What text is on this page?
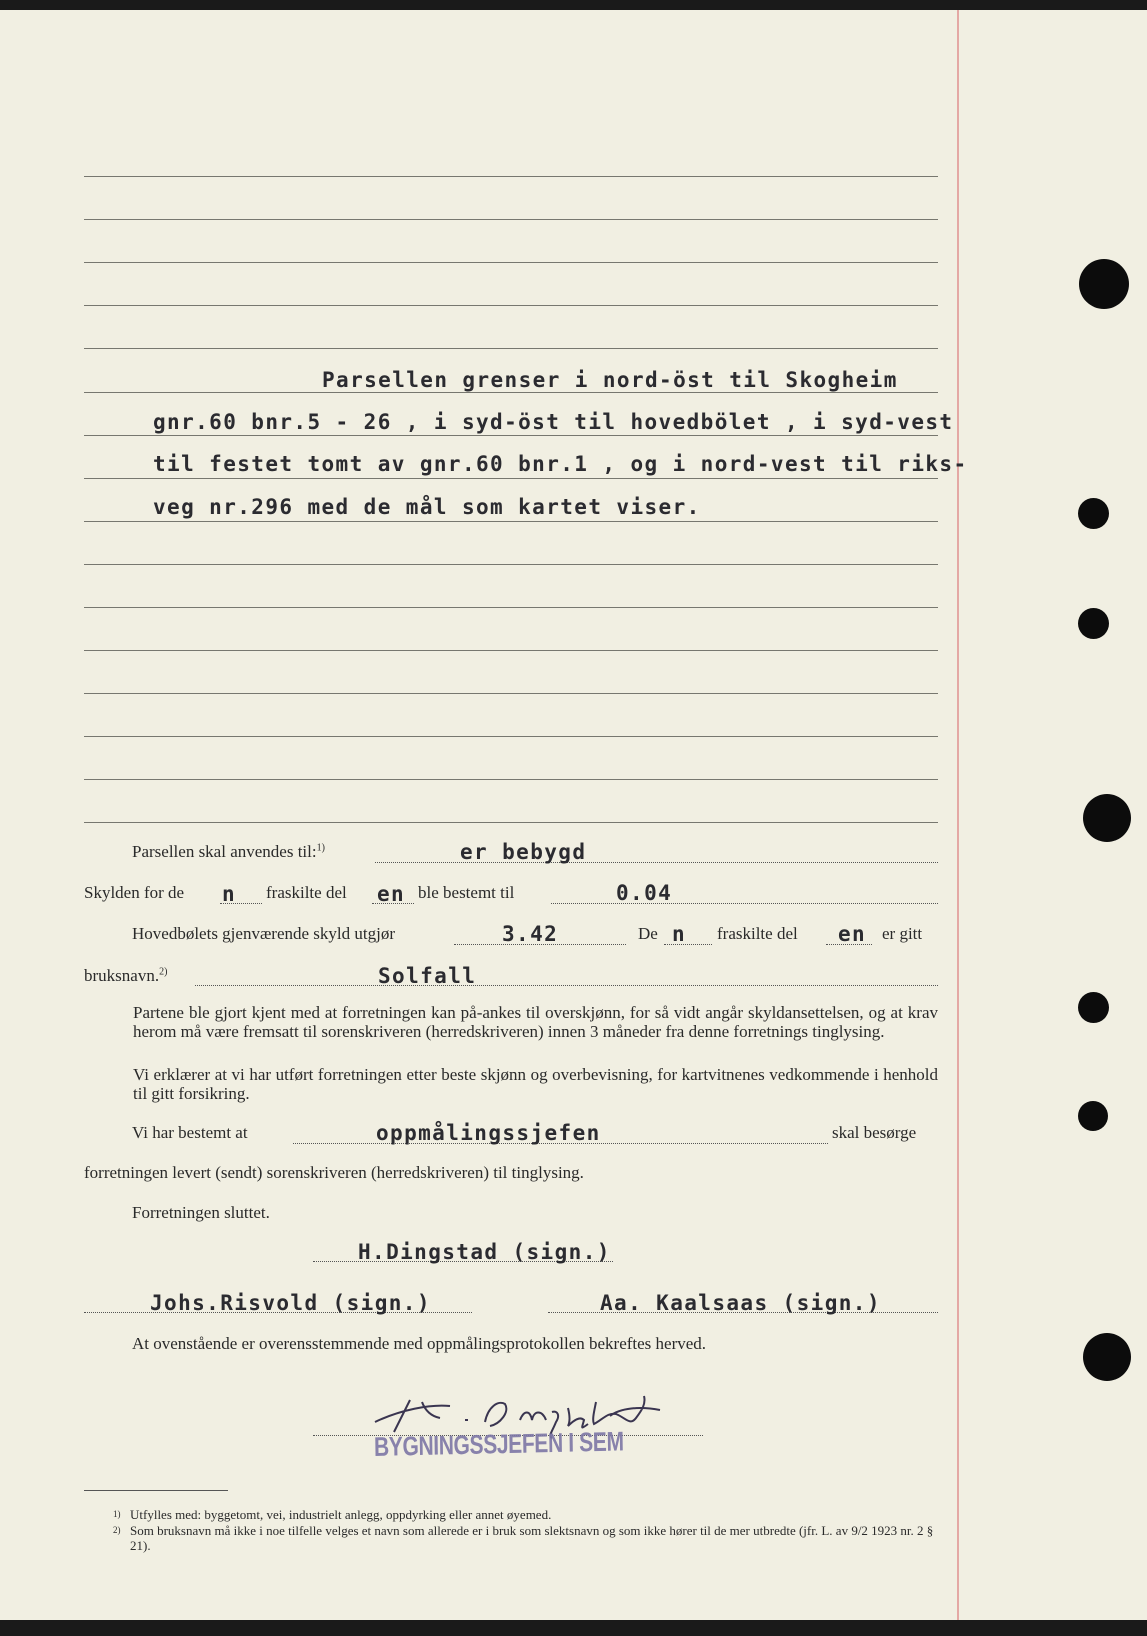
Parsellen grenser i nord-öst til Skogheim
gnr.60 bnr.5 - 26 , i syd-öst til hovedbölet , i syd-vest
til festet tomt av gnr.60 bnr.1 , og i nord-vest til riks-
veg nr.296 med de mål som kartet viser.
Parsellen skal anvendes til:$^{1)}$	er bebygd
Skylden for de n fraskilte del en ble bestemt til	0.04
Hovedbølets gjenværende skyld utgjør	3.42	De n fraskilte del en er gitt
bruksnavn.$^{2)}$	Solfall
Partene ble gjort kjent med at forretningen kan på-ankes til overskjønn, for så vidt angår skyldansettelsen, og at krav herom må være fremsatt til sorenskriveren (herredskriveren) innen 3 måneder fra denne forretnings tinglysing.
Vi erklærer at vi har utført forretningen etter beste skjønn og overbevisning, for kartvitnenes vedkommende i henhold til gitt forsikring.
Vi har bestemt at	oppmålingssjefen	skal besørge
forretningen levert (sendt) sorenskriveren (herredskriveren) til tinglysing.
Forretningen sluttet.
H.Dingstad (sign.)
Johs.Risvold (sign.)	Aa. Kaalsaas (sign.)
At ovenstående er overensstemmende med oppmålingsprotokollen bekreftes herved.
BYGNINGSSJEFEN I SEM
1) Utfylles med: byggetomt, vei, industrielt anlegg, oppdyrking eller annet øyemed.
2) Som bruksnavn må ikke i noe tilfelle velges et navn som allerede er i bruk som slektsnavn og som ikke hører til de mer utbredte (jfr. L. av 9/2 1923 nr. 2 § 21).
